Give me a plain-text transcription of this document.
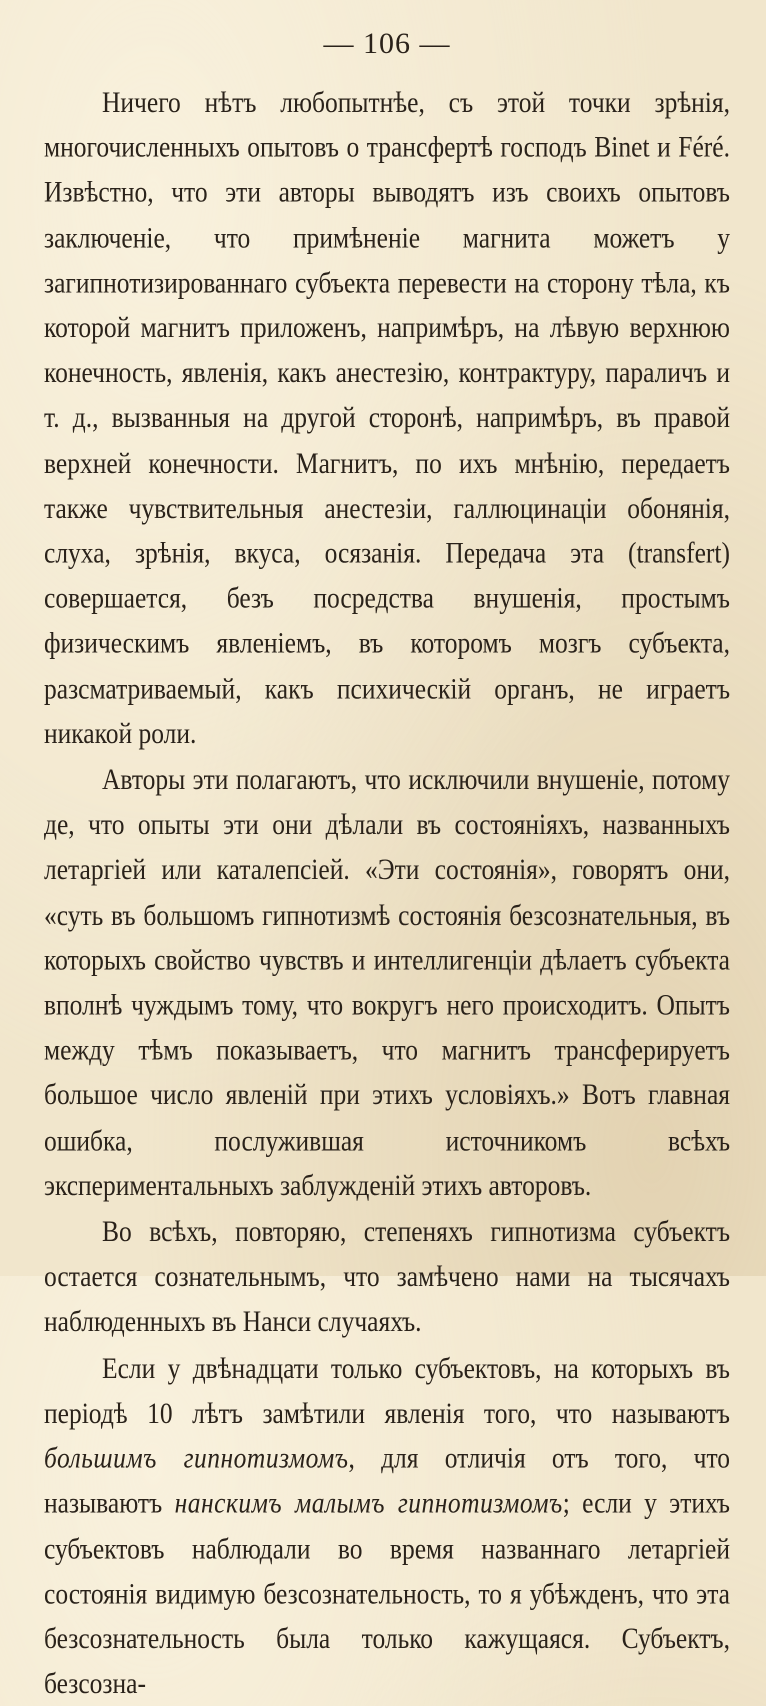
— 106 —

Ничего нѣтъ любопытнѣе, съ этой точки зрѣнія, многочисленныхъ опытовъ о трансфертѣ господъ Binet и Féré. Извѣстно, что эти авторы выводятъ изъ своихъ опытовъ заключеніе, что примѣненіе магнита можетъ у загипнотизированнаго субъекта перевести на сторону тѣла, къ которой магнитъ приложенъ, напримѣръ, на лѣвую верхнюю конечность, явленія, какъ анестезію, контрактуру, параличъ и т. д., вызванныя на другой сторонѣ, напримѣръ, въ правой верхней конечности. Магнитъ, по ихъ мнѣнію, передаетъ также чувствительныя анестезіи, галлюцинаціи обонянія, слуха, зрѣнія, вкуса, осязанія. Передача эта (transfert) совершается, безъ посредства внушенія, простымъ физическимъ явленіемъ, въ которомъ мозгъ субъекта, разсматриваемый, какъ психическій органъ, не играетъ никакой роли.

Авторы эти полагаютъ, что исключили внушеніе, потому де, что опыты эти они дѣлали въ состояніяхъ, названныхъ летаргіей или каталепсіей. «Эти состоянія», говорятъ они, «суть въ большомъ гипнотизмѣ состоянія безсознательныя, въ которыхъ свойство чувствъ и интеллигенціи дѣлаетъ субъекта вполнѣ чуждымъ тому, что вокругъ него происходитъ. Опытъ между тѣмъ показываетъ, что магнитъ трансферируетъ большое число явленій при этихъ условіяхъ.» Вотъ главная ошибка, послужившая источникомъ всѣхъ экспериментальныхъ заблужденій этихъ авторовъ.

Во всѣхъ, повторяю, степеняхъ гипнотизма субъектъ остается сознательнымъ, что замѣчено нами на тысячахъ наблюденныхъ въ Нанси случаяхъ.

Если у двѣнадцати только субъектовъ, на которыхъ въ періодѣ 10 лѣтъ замѣтили явленія того, что называютъ большимъ гипнотизмомъ, для отличія отъ того, что называютъ нанскимъ малымъ гипнотизмомъ; если у этихъ субъектовъ наблюдали во время названнаго летаргіей состоянія видимую безсознательность, то я убѣжденъ, что эта безсознательность была только кажущаяся. Субъектъ, безсозна-
